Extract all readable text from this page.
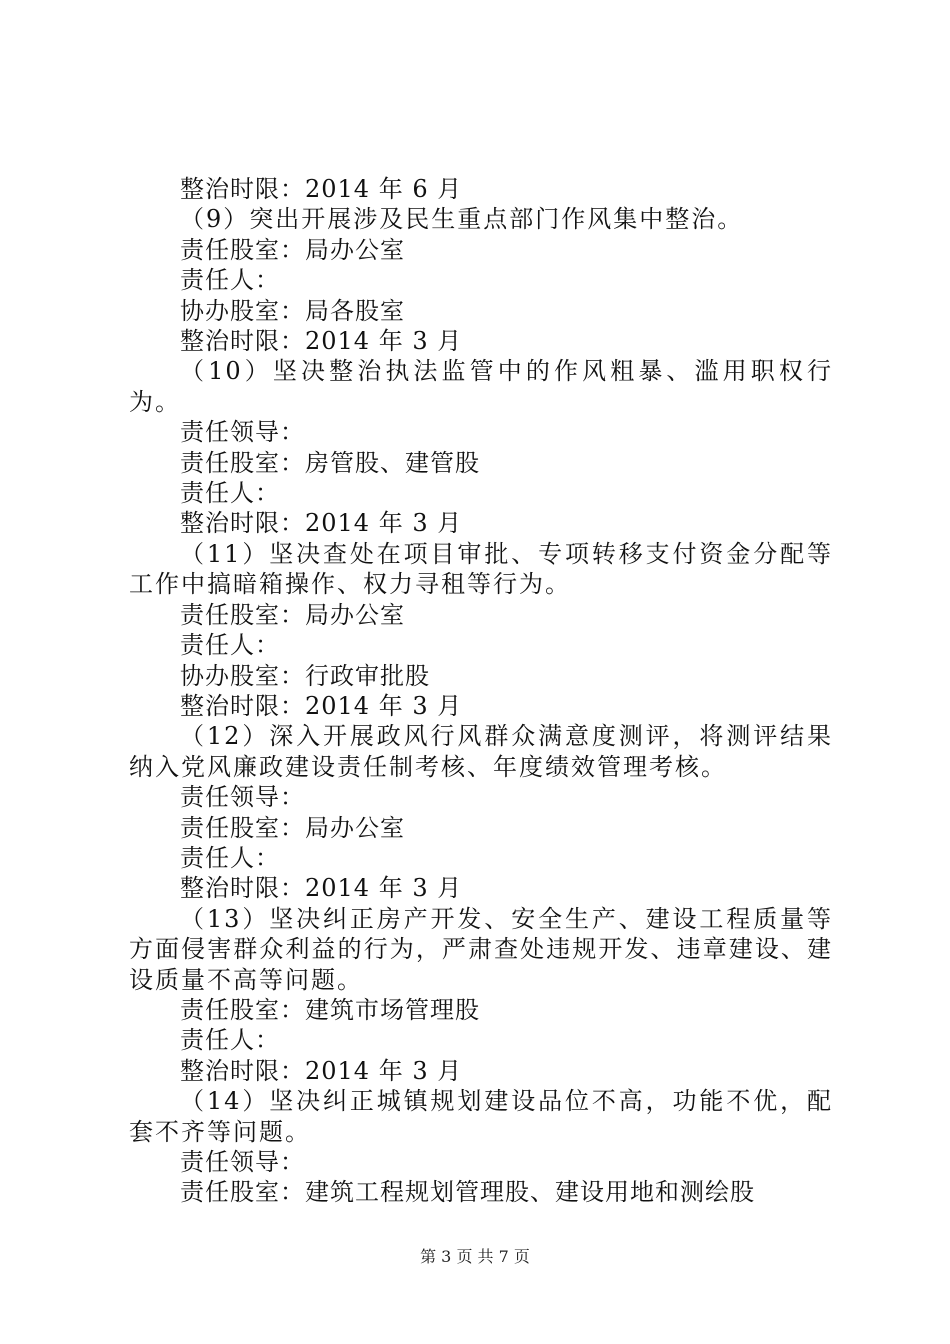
整治时限：2014 年 6 月

（9）突出开展涉及民生重点部门作风集中整治。

责任股室：局办公室

责任人：

协办股室：局各股室

整治时限：2014 年 3 月

（10）坚决整治执法监管中的作风粗暴、滥用职权行为。

责任领导：

责任股室：房管股、建管股

责任人：

整治时限：2014 年 3 月

（11）坚决查处在项目审批、专项转移支付资金分配等工作中搞暗箱操作、权力寻租等行为。

责任股室：局办公室

责任人：

协办股室：行政审批股

整治时限：2014 年 3 月

（12）深入开展政风行风群众满意度测评，将测评结果纳入党风廉政建设责任制考核、年度绩效管理考核。

责任领导：

责任股室：局办公室

责任人：

整治时限：2014 年 3 月

（13）坚决纠正房产开发、安全生产、建设工程质量等方面侵害群众利益的行为，严肃查处违规开发、违章建设、建设质量不高等问题。

责任股室：建筑市场管理股

责任人：

整治时限：2014 年 3 月

（14）坚决纠正城镇规划建设品位不高，功能不优，配套不齐等问题。

责任领导：

责任股室：建筑工程规划管理股、建设用地和测绘股

第 3 页 共 7 页
